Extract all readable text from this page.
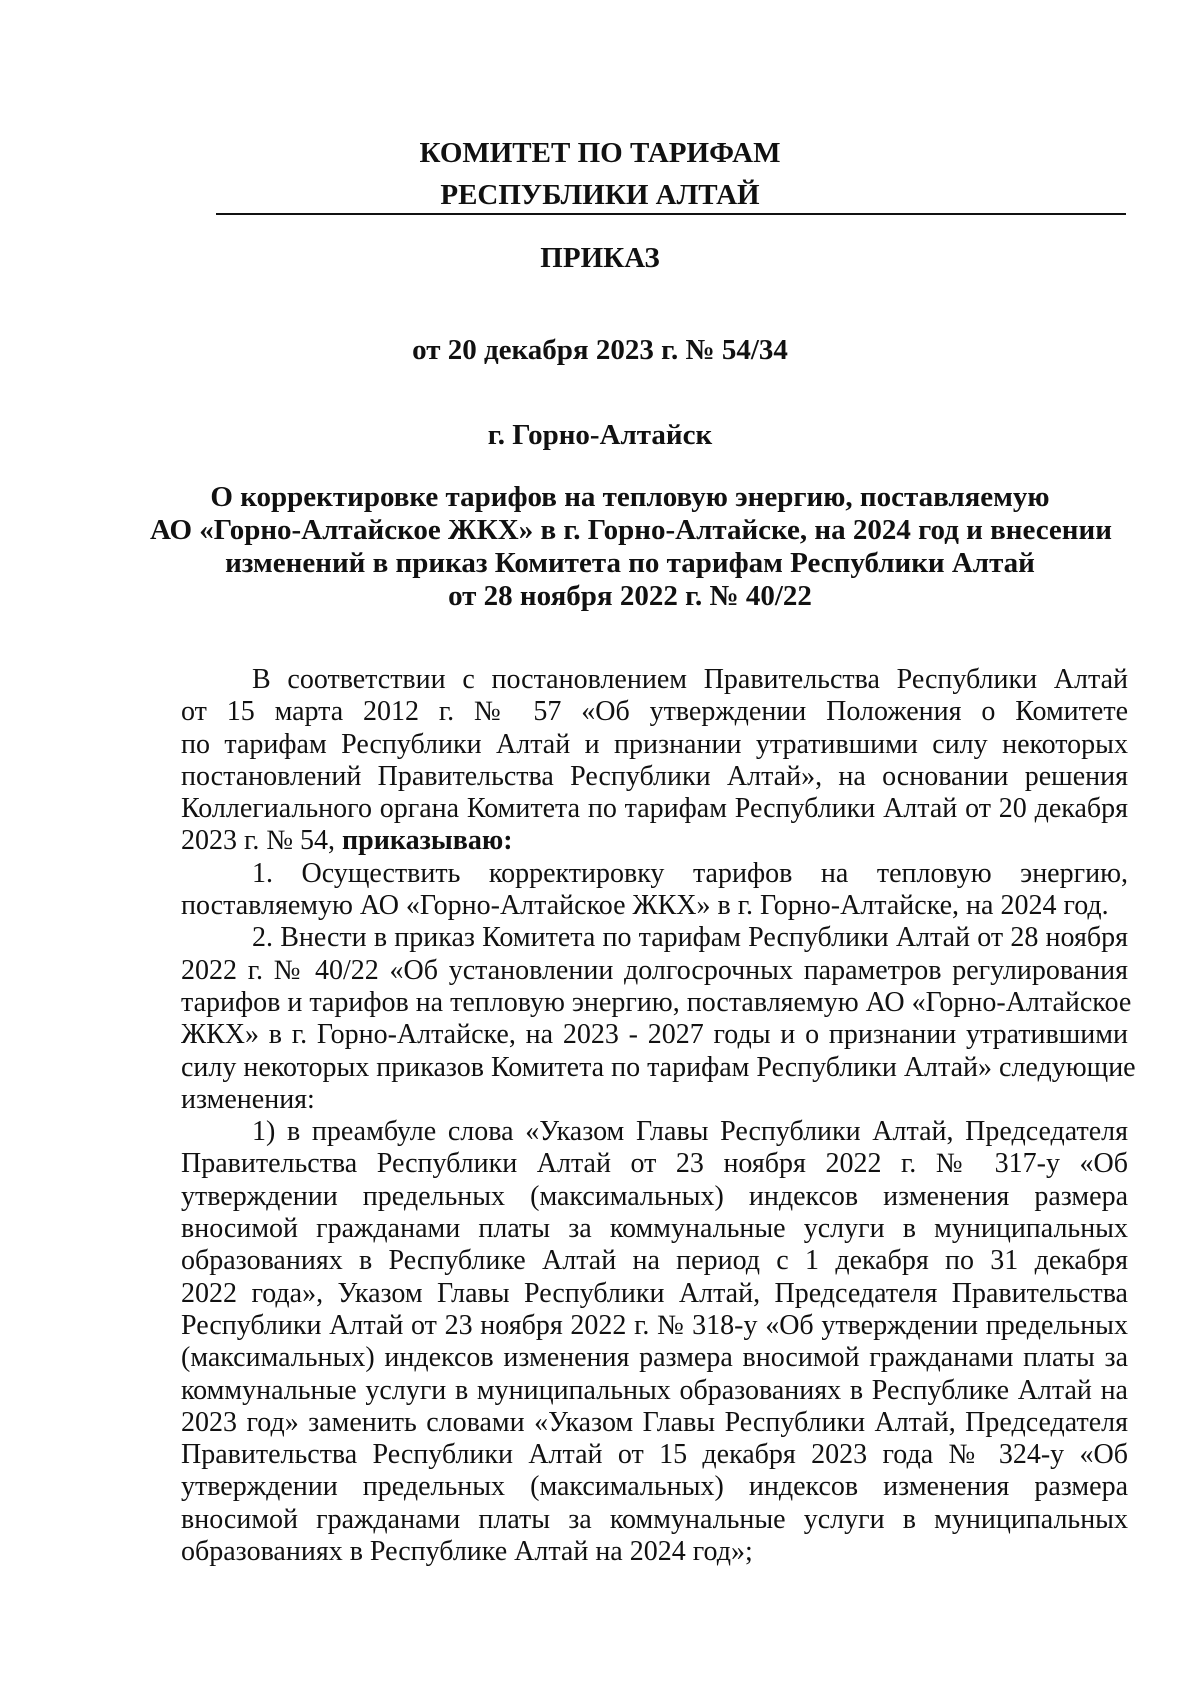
КОМИТЕТ ПО ТАРИФАМ
РЕСПУБЛИКИ АЛТАЙ
ПРИКАЗ
от 20 декабря 2023 г. № 54/34
г. Горно-Алтайск
О корректировке тарифов на тепловую энергию, поставляемую
АО «Горно-Алтайское ЖКХ» в г. Горно-Алтайске, на 2024 год и внесении
изменений в приказ Комитета по тарифам Республики Алтай
от 28 ноября 2022 г. № 40/22
В соответствии с постановлением Правительства Республики Алтай
от 15 марта 2012 г. № 57 «Об утверждении Положения о Комитете
по тарифам Республики Алтай и признании утратившими силу некоторых
постановлений Правительства Республики Алтай», на основании решения
Коллегиального органа Комитета по тарифам Республики Алтай от 20 декабря
2023 г. № 54, приказываю:
1. Осуществить корректировку тарифов на тепловую энергию,
поставляемую АО «Горно-Алтайское ЖКХ» в г. Горно-Алтайске, на 2024 год.
2. Внести в приказ Комитета по тарифам Республики Алтай от 28 ноября
2022 г. № 40/22 «Об установлении долгосрочных параметров регулирования
тарифов и тарифов на тепловую энергию, поставляемую АО «Горно-Алтайское
ЖКХ» в г. Горно-Алтайске, на 2023 - 2027 годы и о признании утратившими
силу некоторых приказов Комитета по тарифам Республики Алтай» следующие
изменения:
1) в преамбуле слова «Указом Главы Республики Алтай, Председателя
Правительства Республики Алтай от 23 ноября 2022 г. № 317-у «Об
утверждении предельных (максимальных) индексов изменения размера
вносимой гражданами платы за коммунальные услуги в муниципальных
образованиях в Республике Алтай на период с 1 декабря по 31 декабря
2022 года», Указом Главы Республики Алтай, Председателя Правительства
Республики Алтай от 23 ноября 2022 г. № 318-у «Об утверждении предельных
(максимальных) индексов изменения размера вносимой гражданами платы за
коммунальные услуги в муниципальных образованиях в Республике Алтай на
2023 год» заменить словами «Указом Главы Республики Алтай, Председателя
Правительства Республики Алтай от 15 декабря 2023 года № 324-у «Об
утверждении предельных (максимальных) индексов изменения размера
вносимой гражданами платы за коммунальные услуги в муниципальных
образованиях в Республике Алтай на 2024 год»;
